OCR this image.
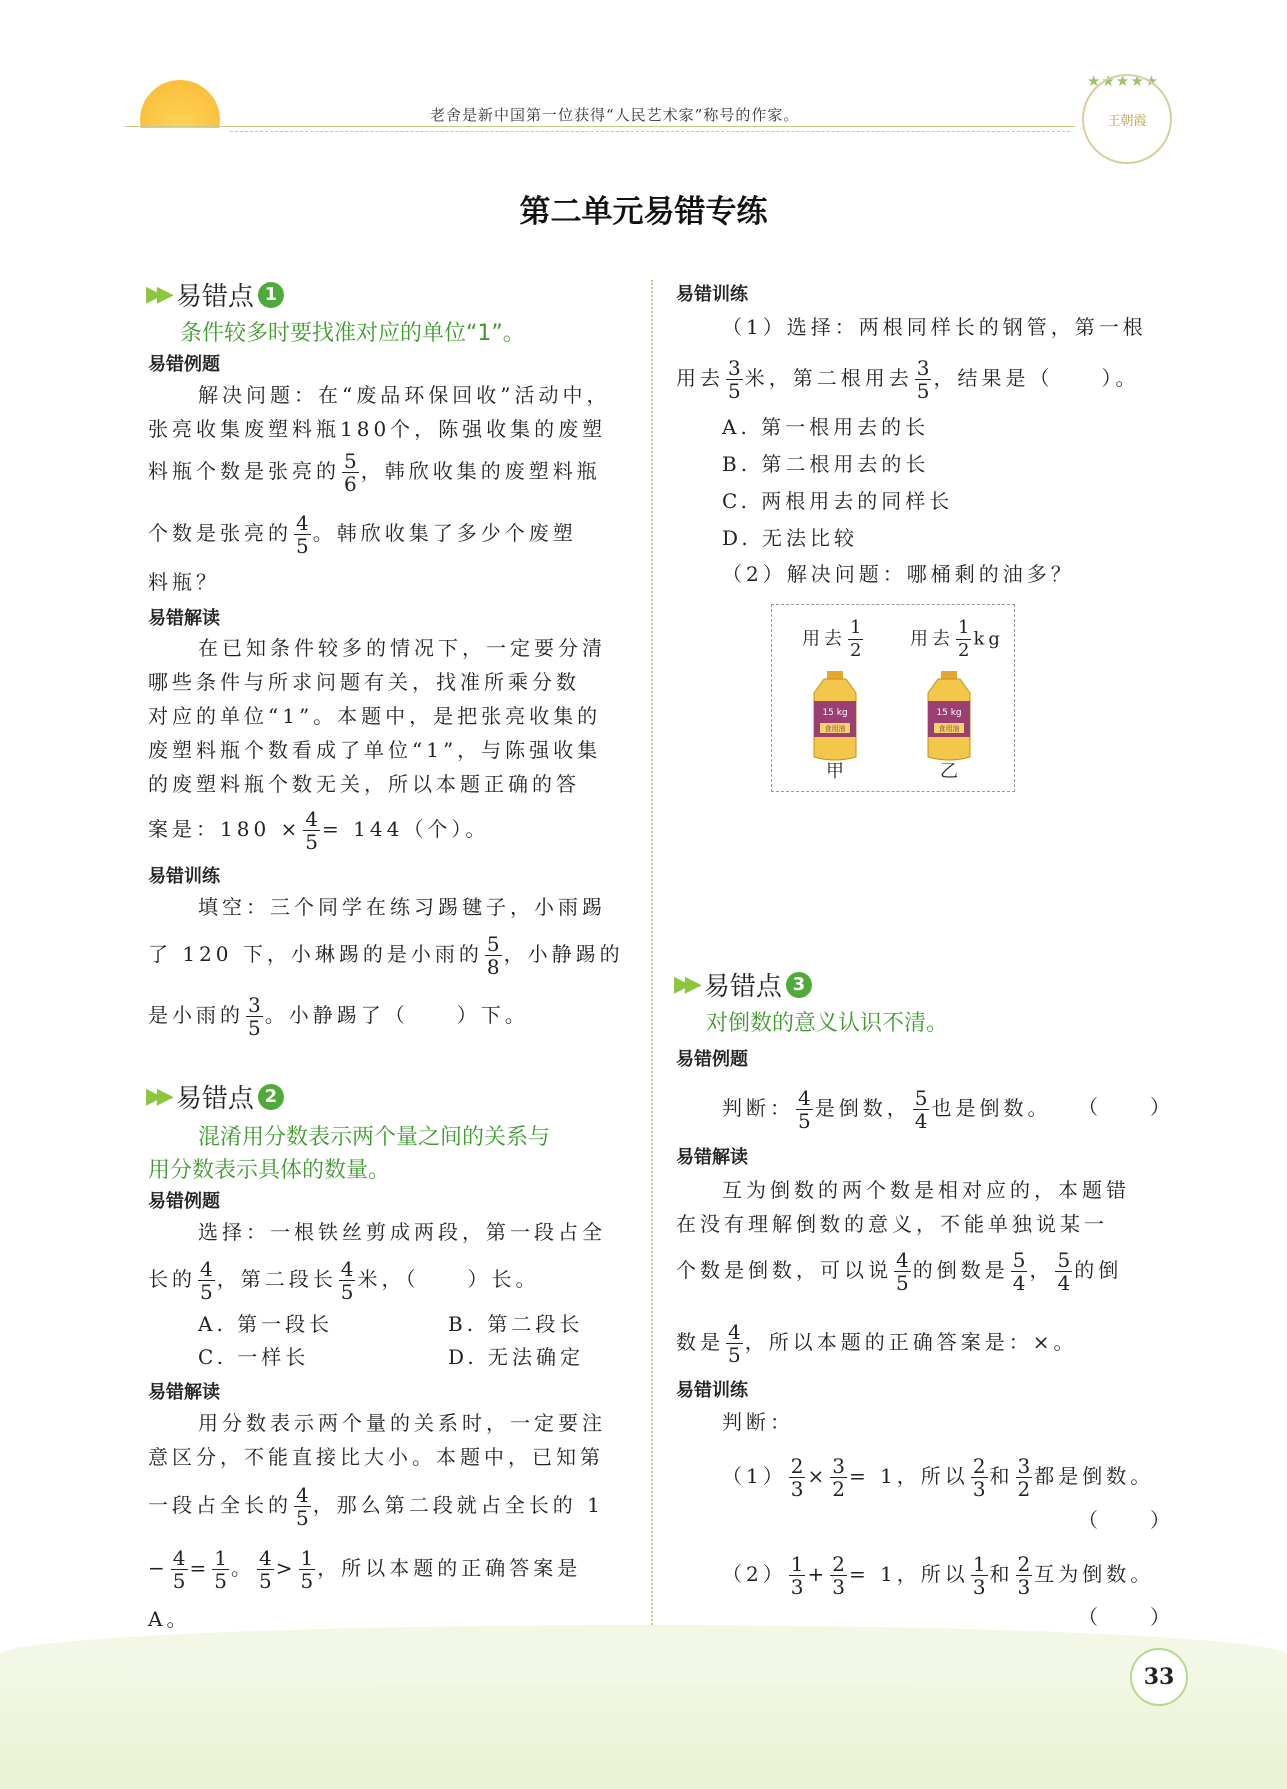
老舍是新中国第一位获得“人民艺术家”称号的作家。
★★★★★
王朝霞
第二单元易错专练
▶▶ 易错点 1
条件较多时要找准对应的单位“1”。
易错例题
解决问题：在“废品环保回收”活动中，
张亮收集废塑料瓶180个，陈强收集的废塑
料瓶个数是张亮的 $\frac{5}{6}$ ，韩欣收集的废塑料瓶
个数是张亮的 $\frac{4}{5}$ 。韩欣收集了多少个废塑
料瓶？
易错解读
在已知条件较多的情况下，一定要分清
哪些条件与所求问题有关，找准所乘分数
对应的单位“1”。本题中，是把张亮收集的
废塑料瓶个数看成了单位“1”，与陈强收集
的废塑料瓶个数无关，所以本题正确的答
案是：$180 \times \frac{4}{5} = 144$（个）。
易错训练
填空：三个同学在练习踢毽子，小雨踢
了 120 下，小琳踢的是小雨的 $\frac{5}{8}$ ，小静踢的
是小雨的 $\frac{3}{5}$ 。小静踢了（　　）下。
▶▶ 易错点 2
混淆用分数表示两个量之间的关系与
用分数表示具体的数量。
易错例题
选择：一根铁丝剪成两段，第一段占全
长的 $\frac{4}{5}$ ，第二段长 $\frac{4}{5}$ 米，（　　）长。
A. 第一段长	B. 第二段长
C. 一样长	D. 无法确定
易错解读
用分数表示两个量的关系时，一定要注
意区分，不能直接比大小。本题中，已知第
一段占全长的 $\frac{4}{5}$ ，那么第二段就占全长的 1
− $\frac{4}{5} = \frac{1}{5}$ 。 $\frac{4}{5} > \frac{1}{5}$ ，所以本题的正确答案是
A。
易错训练
（1）选择：两根同样长的钢管，第一根
用去 $\frac{3}{5}$ 米，第二根用去 $\frac{3}{5}$ ，结果是（　　）。
A. 第一根用去的长
B. 第二根用去的长
C. 两根用去的同样长
D. 无法比较
（2）解决问题：哪桶剩的油多？
用去 $\frac{1}{2}$	用去 $\frac{1}{2}$ kg
15 kg
食用油
15 kg
食用油
甲	乙
▶▶ 易错点 3
对倒数的意义认识不清。
易错例题
判断： $\frac{4}{5}$ 是倒数， $\frac{5}{4}$ 也是倒数。 （　　）
易错解读
互为倒数的两个数是相对应的，本题错
在没有理解倒数的意义，不能单独说某一
个数是倒数，可以说 $\frac{4}{5}$ 的倒数是 $\frac{5}{4}$ ， $\frac{5}{4}$ 的倒
数是 $\frac{4}{5}$ ，所以本题的正确答案是：×。
易错训练
判断：
$(1) \frac{2}{3} \times \frac{3}{2} = 1$，所以 $\frac{2}{3}$ 和 $\frac{3}{2}$ 都是倒数。
（　　）
$(2) \frac{1}{3} + \frac{2}{3} = 1$，所以 $\frac{1}{3}$ 和 $\frac{2}{3}$ 互为倒数。
（　　）
33
